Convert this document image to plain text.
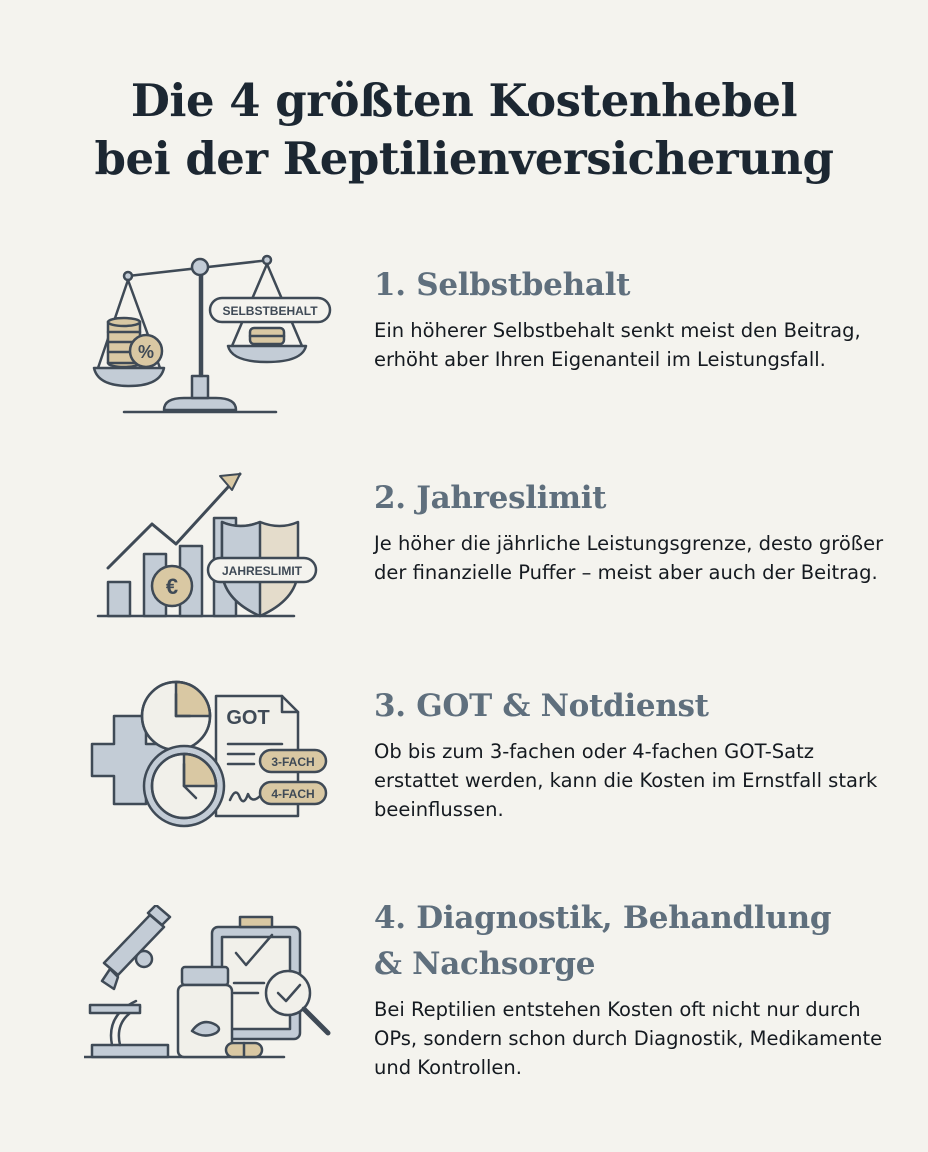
Die 4 größten Kostenhebel
bei der Reptilienversicherung
%
SELBSTBEHALT
1. Selbstbehalt

Ein höherer Selbstbehalt senkt meist den Beitrag, erhöht aber Ihren Eigenanteil im Leistungsfall.

€
JAHRESLIMIT
2. Jahreslimit

Je höher die jährliche Leistungsgrenze, desto größer der finanzielle Puffer – meist aber auch der Beitrag.

GOT
3-FACH
4-FACH
3. GOT & Notdienst

Ob bis zum 3-fachen oder 4-fachen GOT-Satz erstattet werden, kann die Kosten im Ernstfall stark beeinflussen.

4. Diagnostik, Behandlung
& Nachsorge

Bei Reptilien entstehen Kosten oft nicht nur durch OPs, sondern schon durch Diagnostik, Medikamente und Kontrollen.
